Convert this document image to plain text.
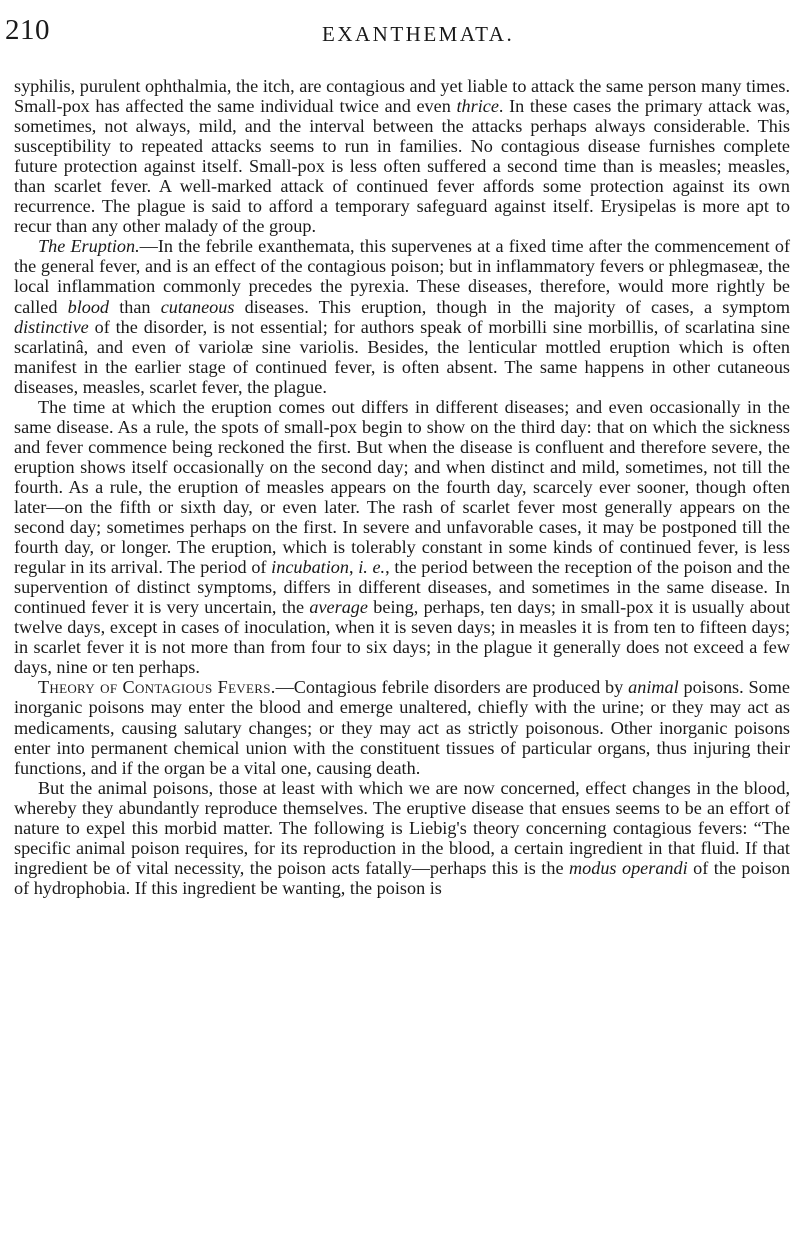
210	EXANTHEMATA.

syphilis, purulent ophthalmia, the itch, are contagious and yet liable to attack the same person many times. Small-pox has affected the same individual twice and even thrice. In these cases the primary attack was, sometimes, not always, mild, and the interval between the attacks perhaps always considerable. This susceptibility to repeated attacks seems to run in families. No contagious disease furnishes complete future protection against itself. Small-pox is less often suffered a second time than is measles; measles, than scarlet fever. A well-marked attack of continued fever affords some protection against its own recurrence. The plague is said to afford a temporary safeguard against itself. Erysipelas is more apt to recur than any other malady of the group.

The Eruption.—In the febrile exanthemata, this supervenes at a fixed time after the commencement of the general fever, and is an effect of the contagious poison; but in inflammatory fevers or phlegmaseæ, the local inflammation commonly precedes the pyrexia. These diseases, therefore, would more rightly be called blood than cutaneous diseases. This eruption, though in the majority of cases, a symptom distinctive of the disorder, is not essential; for authors speak of morbilli sine morbillis, of scarlatina sine scarlatinâ, and even of variolæ sine variolis. Besides, the lenticular mottled eruption which is often manifest in the earlier stage of continued fever, is often absent. The same happens in other cutaneous diseases, measles, scarlet fever, the plague.

The time at which the eruption comes out differs in different diseases; and even occasionally in the same disease. As a rule, the spots of small-pox begin to show on the third day: that on which the sickness and fever commence being reckoned the first. But when the disease is confluent and therefore severe, the eruption shows itself occasionally on the second day; and when distinct and mild, sometimes, not till the fourth. As a rule, the eruption of measles appears on the fourth day, scarcely ever sooner, though often later—on the fifth or sixth day, or even later. The rash of scarlet fever most generally appears on the second day; sometimes perhaps on the first. In severe and unfavorable cases, it may be postponed till the fourth day, or longer. The eruption, which is tolerably constant in some kinds of continued fever, is less regular in its arrival. The period of incubation, i. e., the period between the reception of the poison and the supervention of distinct symptoms, differs in different diseases, and sometimes in the same disease. In continued fever it is very uncertain, the average being, perhaps, ten days; in small-pox it is usually about twelve days, except in cases of inoculation, when it is seven days; in measles it is from ten to fifteen days; in scarlet fever it is not more than from four to six days; in the plague it generally does not exceed a few days, nine or ten perhaps.

Theory of Contagious Fevers.—Contagious febrile disorders are produced by animal poisons. Some inorganic poisons may enter the blood and emerge unaltered, chiefly with the urine; or they may act as medicaments, causing salutary changes; or they may act as strictly poisonous. Other inorganic poisons enter into permanent chemical union with the constituent tissues of particular organs, thus injuring their functions, and if the organ be a vital one, causing death.

But the animal poisons, those at least with which we are now concerned, effect changes in the blood, whereby they abundantly reproduce themselves. The eruptive disease that ensues seems to be an effort of nature to expel this morbid matter. The following is Liebig's theory concerning contagious fevers: “The specific animal poison requires, for its reproduction in the blood, a certain ingredient in that fluid. If that ingredient be of vital necessity, the poison acts fatally—perhaps this is the modus operandi of the poison of hydrophobia. If this ingredient be wanting, the poison is
